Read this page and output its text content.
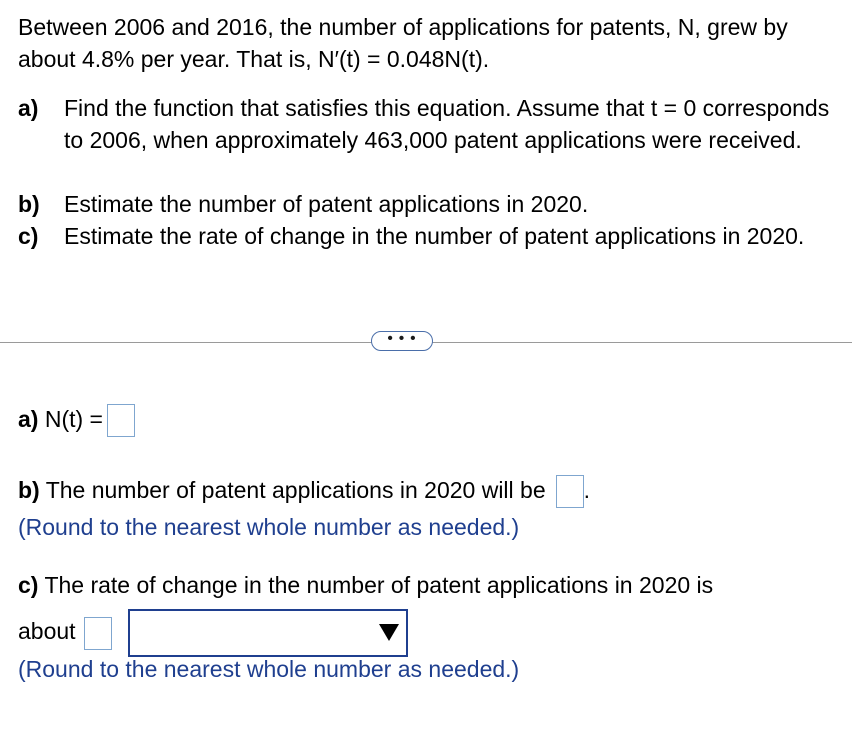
Between 2006 and 2016, the number of applications for patents, N, grew by about 4.8% per year. That is, N′(t) = 0.048N(t).
a) Find the function that satisfies this equation. Assume that t = 0 corresponds to 2006, when approximately 463,000 patent applications were received.
b) Estimate the number of patent applications in 2020.
c) Estimate the rate of change in the number of patent applications in 2020.
• • •
a) N(t) =
b) The number of patent applications in 2020 will be .
(Round to the nearest whole number as needed.)
c) The rate of change in the number of patent applications in 2020 is
about
(Round to the nearest whole number as needed.)
